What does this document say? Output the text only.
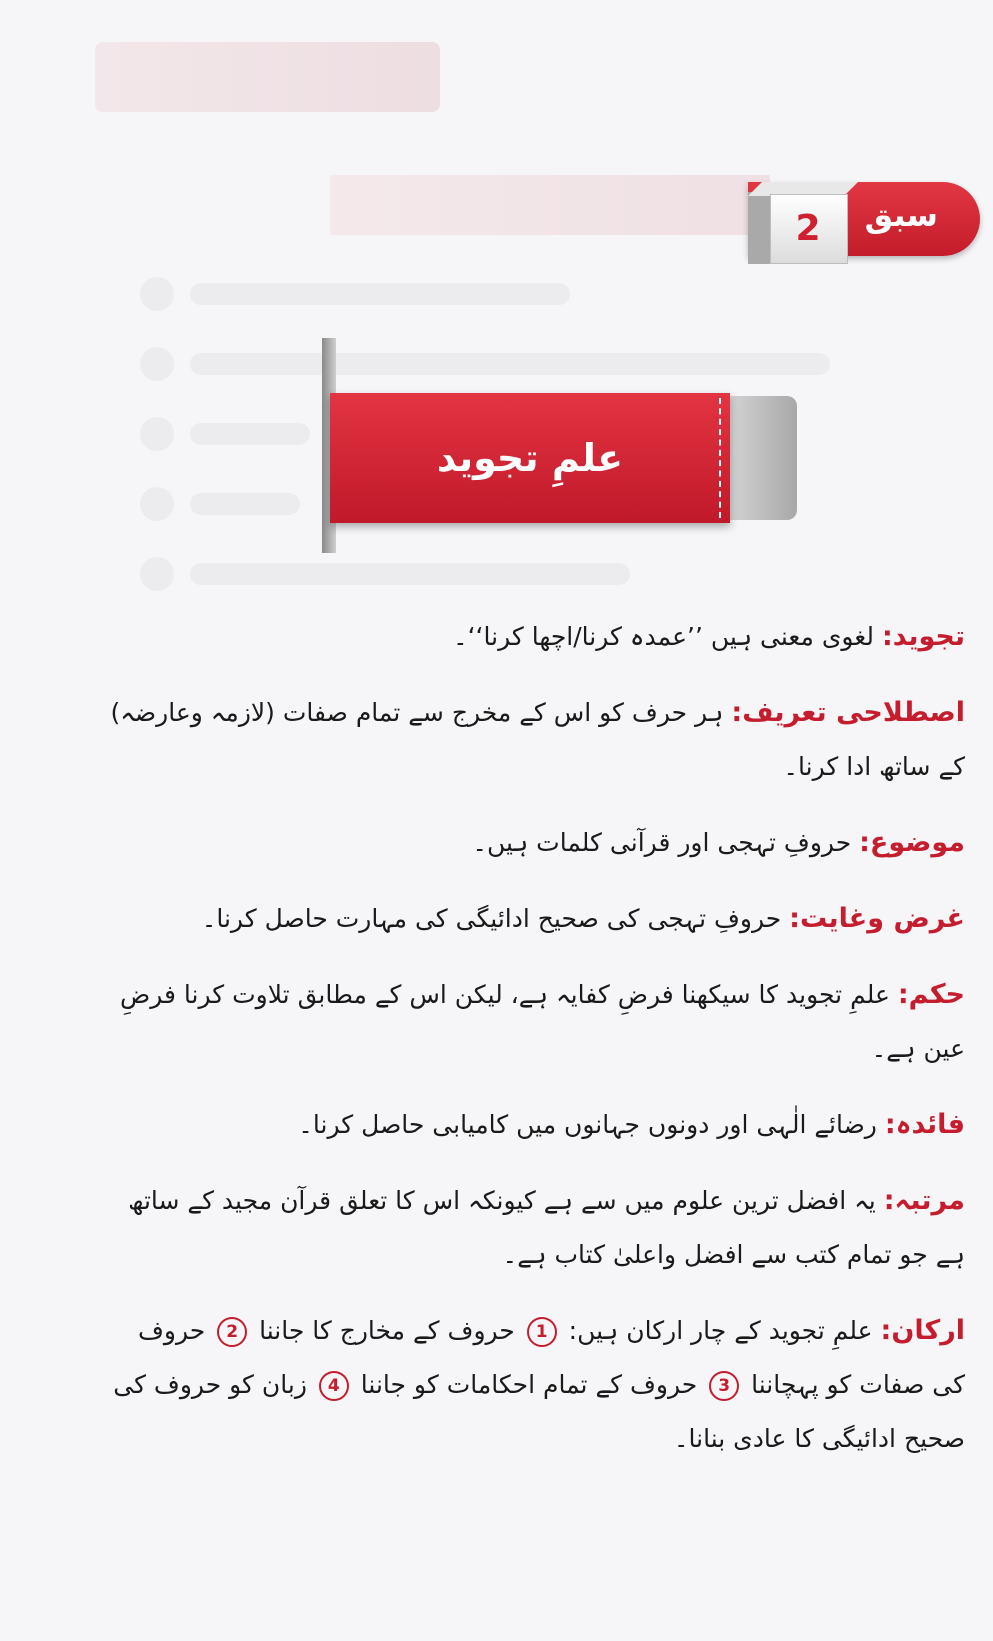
سبق
2
علمِ تجوید
تجوید: لغوی معنی ہیں ’’عمدہ کرنا/اچھا کرنا‘‘۔
اصطلاحی تعریف: ہر حرف کو اس کے مخرج سے تمام صفات (لازمہ وعارضہ) کے ساتھ ادا کرنا۔
موضوع: حروفِ تہجی اور قرآنی کلمات ہیں۔
غرض وغایت: حروفِ تہجی کی صحیح ادائیگی کی مہارت حاصل کرنا۔
حکم: علمِ تجوید کا سیکھنا فرضِ کفایہ ہے، لیکن اس کے مطابق تلاوت کرنا فرضِ عین ہے۔
فائدہ: رضائے الٰہی اور دونوں جہانوں میں کامیابی حاصل کرنا۔
مرتبہ: یہ افضل ترین علوم میں سے ہے کیونکہ اس کا تعلق قرآن مجید کے ساتھ ہے جو تمام کتب سے افضل واعلیٰ کتاب ہے۔
ارکان: علمِ تجوید کے چار ارکان ہیں: 1 حروف کے مخارج کا جاننا 2 حروف کی صفات کو پہچاننا 3 حروف کے تمام احکامات کو جاننا 4 زبان کو حروف کی صحیح ادائیگی کا عادی بنانا۔
